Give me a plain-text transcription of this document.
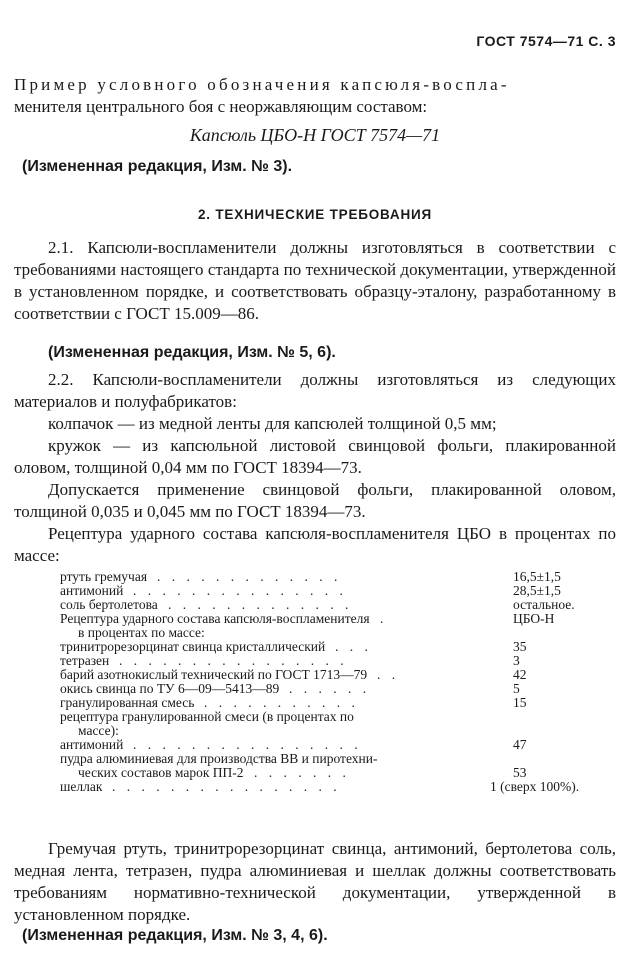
ГОСТ 7574—71 С. 3

Пример условного обозначения капсюля-воспла-

менителя центрального боя с неоржавляющим составом:

Капсюль ЦБО-Н ГОСТ 7574—71

(Измененная редакция, Изм. № 3).

2. ТЕХНИЧЕСКИЕ ТРЕБОВАНИЯ

2.1. Капсюли-воспламенители должны изготовляться в соответствии с требованиями настоящего стандарта по технической документации, утвержденной в установленном порядке, и соответствовать образцу-эталону, разработанному в соответствии с ГОСТ 15.009—86.

(Измененная редакция, Изм. № 5, 6).

2.2. Капсюли-воспламенители должны изготовляться из следующих материалов и полуфабрикатов:

колпачок — из медной ленты для капсюлей толщиной 0,5 мм;

кружок — из капсюльной листовой свинцовой фольги, плакированной оловом, толщиной 0,04 мм по ГОСТ 18394—73.

Допускается применение свинцовой фольги, плакированной оловом, толщиной 0,035 и 0,045 мм по ГОСТ 18394—73.

Рецептура ударного состава капсюля-воспламенителя ЦБО в процентах по массе:

ртуть гремучая . . . . . . . . . . . . .	16,5±1,5
антимоний . . . . . . . . . . . . . . .	28,5±1,5
соль бертолетова . . . . . . . . . . . . .	остальное.
Рецептура ударного состава капсюля-воспламенителя .	ЦБО-Н
в процентах по массе:
тринитрорезорцинат свинца кристаллический . . .	35
тетразен . . . . . . . . . . . . . . . .	3
барий азотнокислый технический по ГОСТ 1713—79 . .	42
окись свинца по ТУ 6—09—5413—89 . . . . . .	5
гранулированная смесь . . . . . . . . . . .	15
рецептура гранулированной смеси (в процентах по
массе):
антимоний . . . . . . . . . . . . . . . .	47
пудра алюминиевая для производства ВВ и пиротехни-
ческих составов марок ПП-2 . . . . . . .	53
шеллак . . . . . . . . . . . . . . . .	1 (сверх 100%).

Гремучая ртуть, тринитрорезорцинат свинца, антимоний, бертолетова соль, медная лента, тетразен, пудра алюминиевая и шеллак должны соответствовать требованиям нормативно-технической документации, утвержденной в установленном порядке.

(Измененная редакция, Изм. № 3, 4, 6).
